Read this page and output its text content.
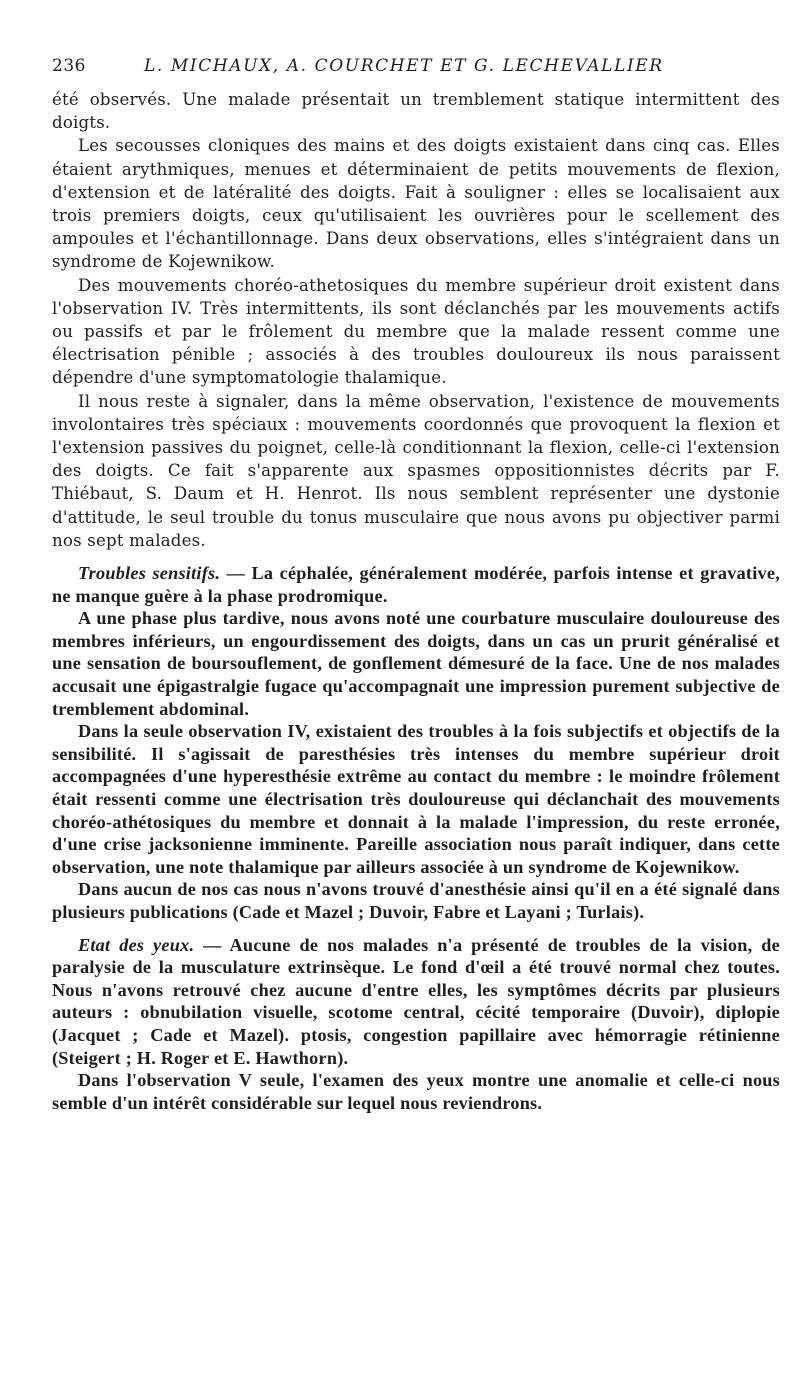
236	L. MICHAUX, A. COURCHET ET G. LECHEVALLIER

été observés. Une malade présentait un tremblement statique intermittent des doigts.

Les secousses cloniques des mains et des doigts existaient dans cinq cas. Elles étaient arythmiques, menues et déterminaient de petits mouvements de flexion, d'extension et de latéralité des doigts. Fait à souligner : elles se localisaient aux trois premiers doigts, ceux qu'utilisaient les ouvrières pour le scellement des ampoules et l'échantillonnage. Dans deux observations, elles s'intégraient dans un syndrome de Kojewnikow.

Des mouvements choréo-athetosiques du membre supérieur droit existent dans l'observation IV. Très intermittents, ils sont déclanchés par les mouvements actifs ou passifs et par le frôlement du membre que la malade ressent comme une électrisation pénible ; associés à des troubles douloureux ils nous paraissent dépendre d'une symptomatologie thalamique.

Il nous reste à signaler, dans la même observation, l'existence de mouvements involontaires très spéciaux : mouvements coordonnés que provoquent la flexion et l'extension passives du poignet, celle-là conditionnant la flexion, celle-ci l'extension des doigts. Ce fait s'apparente aux spasmes oppositionnistes décrits par F. Thiébaut, S. Daum et H. Henrot. Ils nous semblent représenter une dystonie d'attitude, le seul trouble du tonus musculaire que nous avons pu objectiver parmi nos sept malades.

Troubles sensitifs. — La céphalée, généralement modérée, parfois intense et gravative, ne manque guère à la phase prodromique.

A une phase plus tardive, nous avons noté une courbature musculaire douloureuse des membres inférieurs, un engourdissement des doigts, dans un cas un prurit généralisé et une sensation de boursouflement, de gonflement démesuré de la face. Une de nos malades accusait une épigastralgie fugace qu'accompagnait une impression purement subjective de tremblement abdominal.

Dans la seule observation IV, existaient des troubles à la fois subjectifs et objectifs de la sensibilité. Il s'agissait de paresthésies très intenses du membre supérieur droit accompagnées d'une hyperesthésie extrême au contact du membre : le moindre frôlement était ressenti comme une électrisation très douloureuse qui déclanchait des mouvements choréo-athétosiques du membre et donnait à la malade l'impression, du reste erronée, d'une crise jacksonienne imminente. Pareille association nous paraît indiquer, dans cette observation, une note thalamique par ailleurs associée à un syndrome de Kojewnikow.

Dans aucun de nos cas nous n'avons trouvé d'anesthésie ainsi qu'il en a été signalé dans plusieurs publications (Cade et Mazel ; Duvoir, Fabre et Layani ; Turlais).

Etat des yeux. — Aucune de nos malades n'a présenté de troubles de la vision, de paralysie de la musculature extrinsèque. Le fond d'œil a été trouvé normal chez toutes. Nous n'avons retrouvé chez aucune d'entre elles, les symptômes décrits par plusieurs auteurs : obnubilation visuelle, scotome central, cécité temporaire (Duvoir), diplopie (Jacquet ; Cade et Mazel). ptosis, congestion papillaire avec hémorragie rétinienne (Steigert ; H. Roger et E. Hawthorn).

Dans l'observation V seule, l'examen des yeux montre une anomalie et celle-ci nous semble d'un intérêt considérable sur lequel nous reviendrons.
